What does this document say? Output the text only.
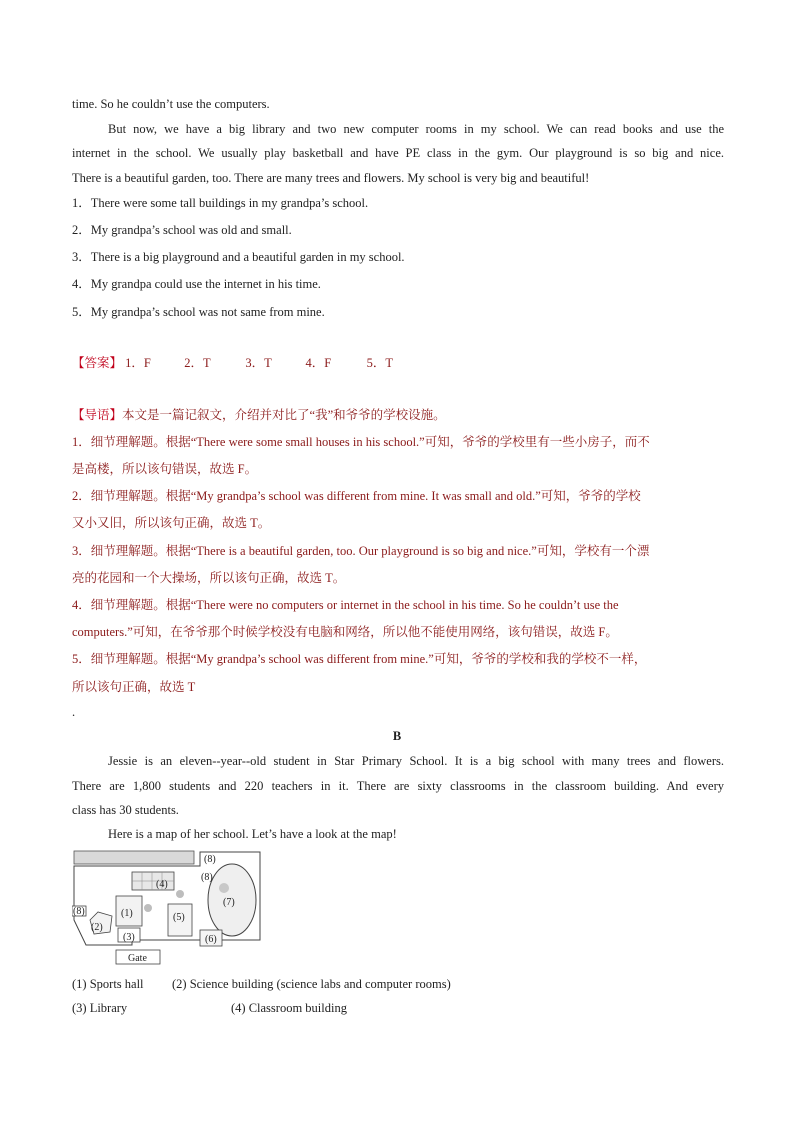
time. So he couldn’t use the computers.
But now, we have a big library and two new computer rooms in my school. We can read books and use the
internet in the school. We usually play basketball and have PE class in the gym. Our playground is so big and nice.
There is a beautiful garden, too. There are many trees and flowers. My school is very big and beautiful!
1．There were some tall buildings in my grandpa’s school.
2．My grandpa’s school was old and small.
3．There is a big playground and a beautiful garden in my school.
4．My grandpa could use the internet in his time.
5．My grandpa’s school was not same from mine.
【答案】 1．F	2．T	3．T	4．F	5．T
【导语】本文是一篇记叙文，介绍并对比了“我”和爷爷的学校设施。
1．细节理解题。根据“There were some small houses in his school.”可知，爷爷的学校里有一些小房子，而不
是高楼，所以该句错误，故选 F。
2．细节理解题。根据“My grandpa’s school was different from mine. It was small and old.”可知，爷爷的学校
又小又旧，所以该句正确，故选 T。
3．细节理解题。根据“There is a beautiful garden, too. Our playground is so big and nice.”可知，学校有一个漂
亮的花园和一个大操场，所以该句正确，故选 T。
4．细节理解题。根据“There were no computers or internet in the school in his time. So he couldn’t use the
computers.”可知，在爷爷那个时候学校没有电脑和网络，所以他不能使用网络，该句错误，故选 F。
5．细节理解题。根据“My grandpa’s school was different from mine.”可知，爷爷的学校和我的学校不一样，
所以该句正确，故选 T
.
B
Jessie is an eleven--year--old student in Star Primary School. It is a big school with many trees and flowers.
There are 1,800 students and 220 teachers in it. There are sixty classrooms in the classroom building. And every
class has 30 students.
Here is a map of her school. Let’s have a look at the map!
(1)
(2)
(3)
(4)
(5)
(6)
(7)
(8)
(8)
(8)
Gate
(1) Sports hall (2) Science building (science labs and computer rooms)
(3) Library	(4) Classroom building
